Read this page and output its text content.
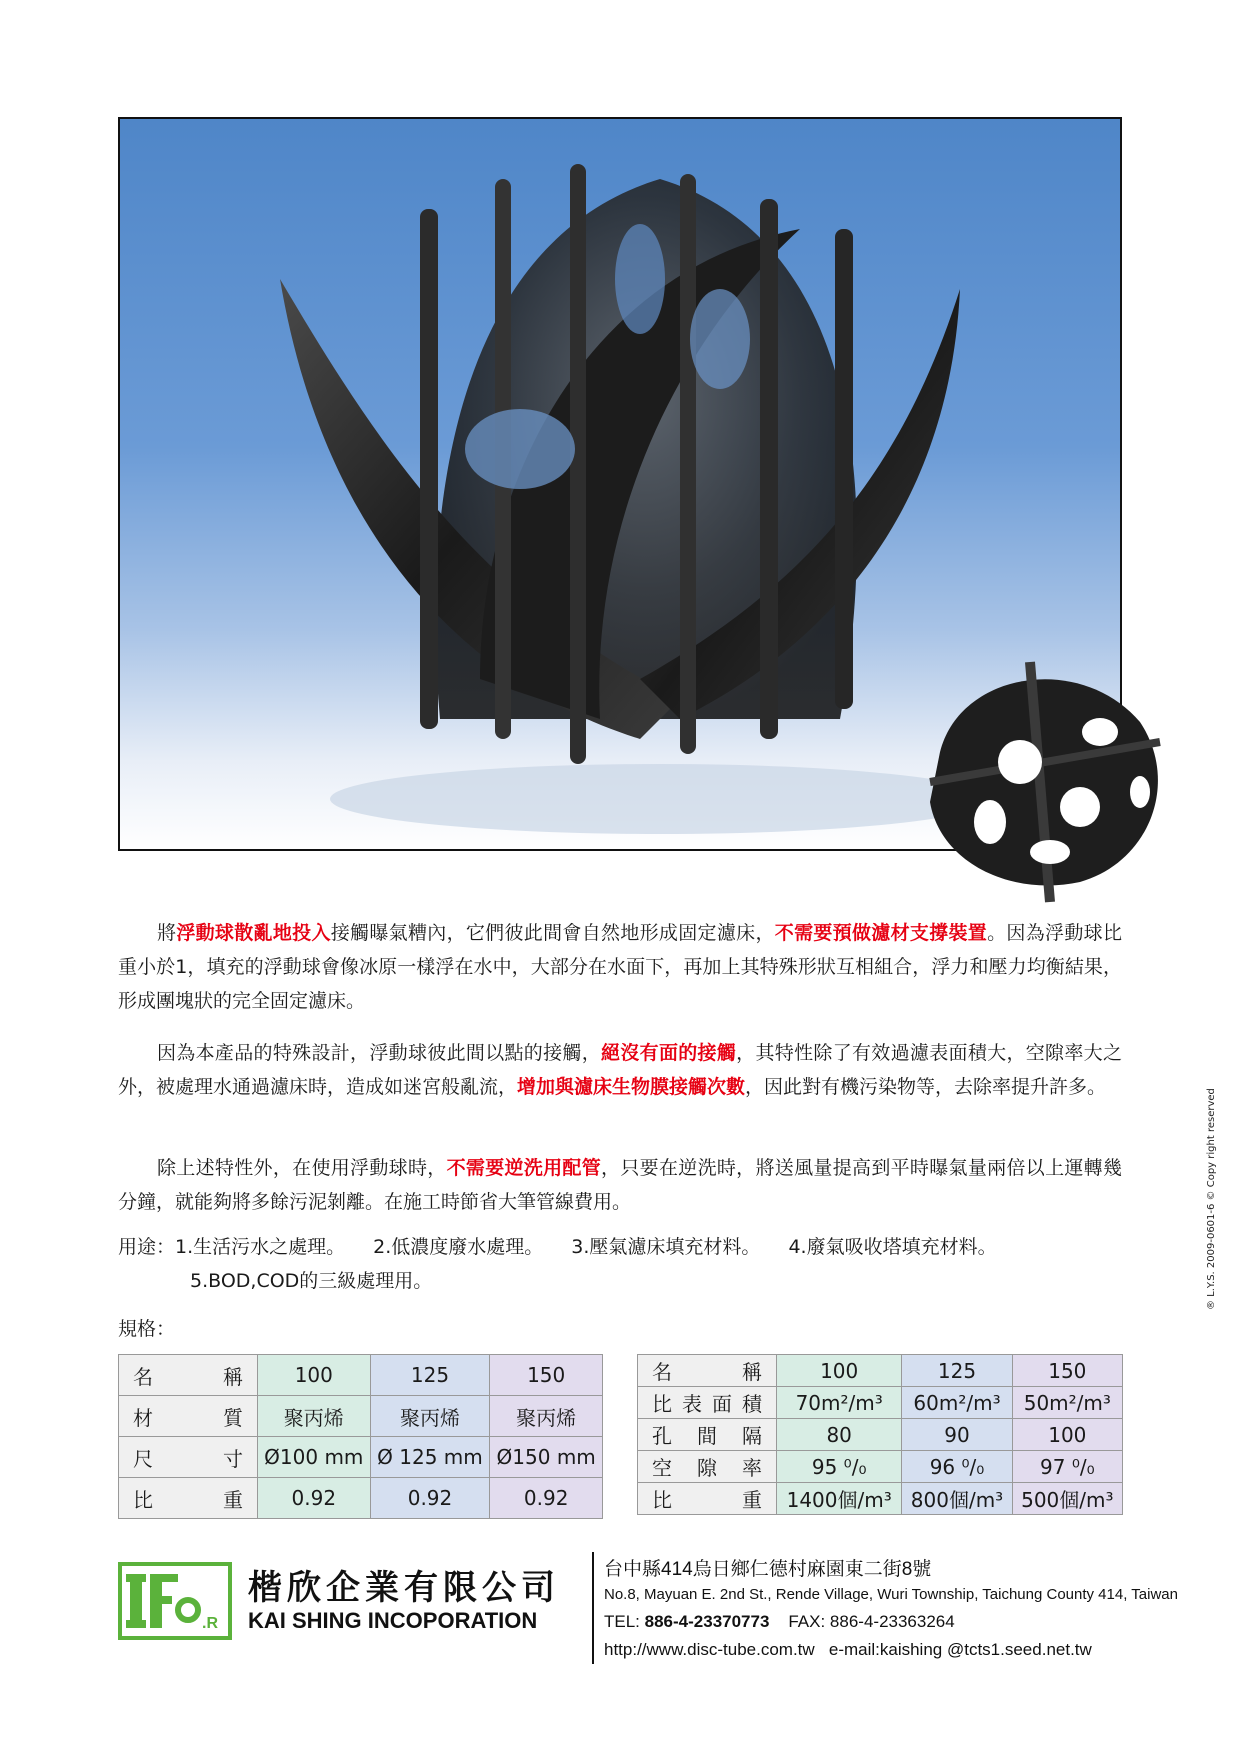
® L.Y.S. 2009-0601-6 © Copy right reserved

將浮動球散亂地投入接觸曝氣糟內，它們彼此間會自然地形成固定濾床，不需要預做濾材支撐裝置。因為浮動球比重小於1，填充的浮動球會像冰原一樣浮在水中，大部分在水面下，再加上其特殊形狀互相組合，浮力和壓力均衡結果，形成團塊狀的完全固定濾床。

因為本產品的特殊設計，浮動球彼此間以點的接觸，絕沒有面的接觸，其特性除了有效過濾表面積大，空隙率大之外，被處理水通過濾床時，造成如迷宮般亂流，增加與濾床生物膜接觸次數，因此對有機污染物等，去除率提升許多。

除上述特性外，在使用浮動球時，不需要逆洗用配管，只要在逆洗時，將送風量提高到平時曝氣量兩倍以上運轉幾分鐘，就能夠將多餘污泥剝離。在施工時節省大筆管線費用。

用途：1.生活污水之處理。 2.低濃度廢水處理。 3.壓氣濾床填充材料。 4.廢氣吸收塔填充材料。
5.BOD,COD的三級處理用。
規格：
名稱	100	125	150
材質	聚丙烯	聚丙烯	聚丙烯
尺寸	Ø100 mm	Ø 125 mm	Ø150 mm
比重	0.92	0.92	0.92
名稱	100	125	150
比表面積	70m²/m³	60m²/m³	50m²/m³
孔間隔	80	90	100
空隙率	95 ⁰/₀	96 ⁰/₀	97 ⁰/₀
比重	1400個/m³	800個/m³	500個/m³
.R
楷欣企業有限公司
KAI SHING INCOPORATION
台中縣414烏日鄉仁德村麻園東二街8號
No.8, Mayuan E. 2nd St., Rende Village, Wuri Township, Taichung County 414, Taiwan
TEL: 886-4-23370773 FAX: 886-4-23363264
http://www.disc-tube.com.tw e-mail:kaishing @tcts1.seed.net.tw
